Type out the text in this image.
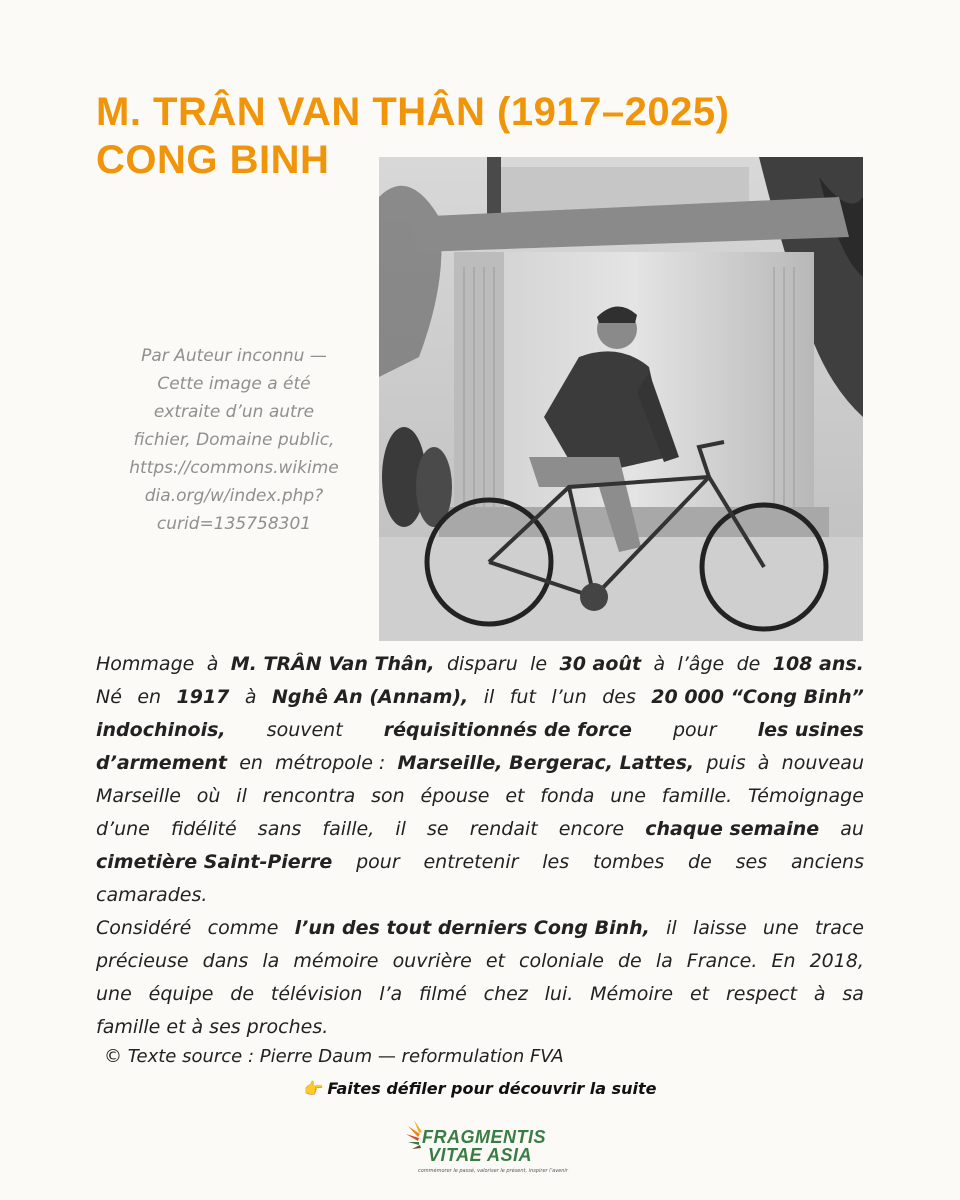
M. TRÂN VAN THÂN (1917–2025)
CONG BINH
Par Auteur inconnu —
Cette image a été
extraite d’un autre
fichier, Domaine public,
https://commons.wikime
dia.org/w/index.php?
curid=135758301
Hommage à M. TRÂN Van Thân, disparu le 30 août à l’âge de 108 ans.
Né en 1917 à Nghê An (Annam), il fut l’un des 20 000 “Cong Binh”
indochinois, souvent réquisitionnés de force pour les usines
d’armement en métropole : Marseille, Bergerac, Lattes, puis à nouveau
Marseille où il rencontra son épouse et fonda une famille. Témoignage
d’une fidélité sans faille, il se rendait encore chaque semaine au
cimetière Saint-Pierre pour entretenir les tombes de ses anciens
camarades.
Considéré comme l’un des tout derniers Cong Binh, il laisse une trace
précieuse dans la mémoire ouvrière et coloniale de la France. En 2018,
une équipe de télévision l’a filmé chez lui. Mémoire et respect à sa
famille et à ses proches.
© Texte source : Pierre Daum — reformulation FVA
👉 Faites défiler pour découvrir la suite
FRAGMENTIS
VITAE ASIA
commémorer le passé, valoriser le présent, inspirer l’avenir
